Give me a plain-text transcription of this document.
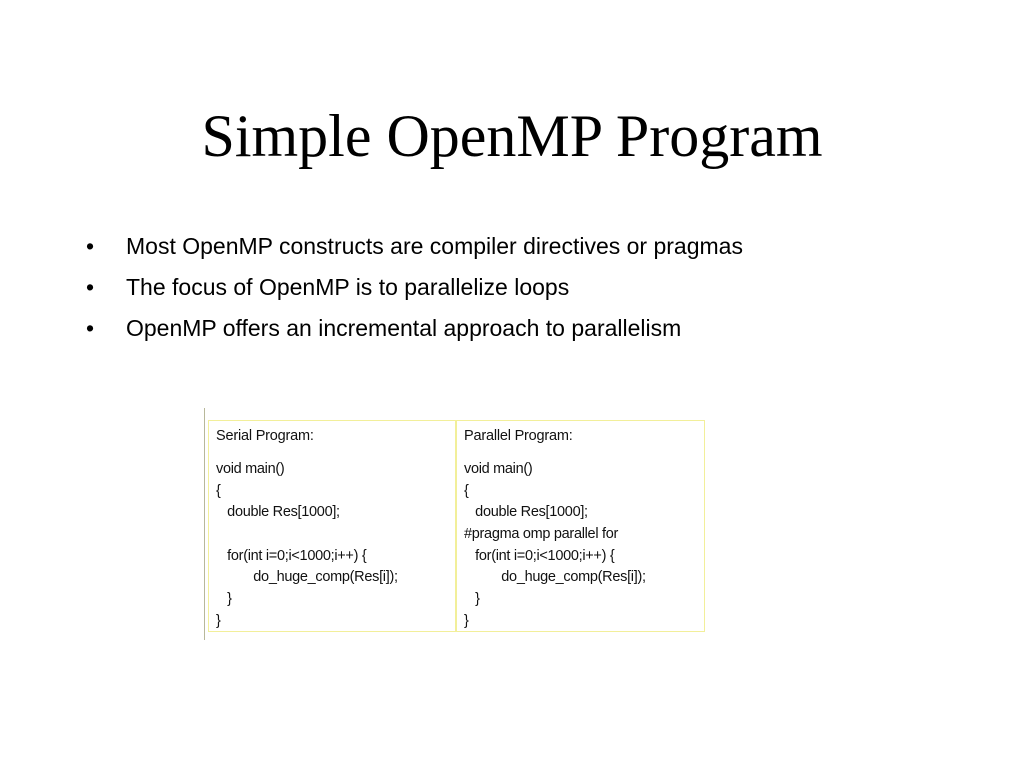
Simple OpenMP Program
• Most OpenMP constructs are compiler directives or pragmas
• The focus of OpenMP is to parallelize loops
• OpenMP offers an incremental approach to parallelism
Serial Program:
void main()
{
double Res[1000];
for(int i=0;i<1000;i++) {
do_huge_comp(Res[i]);
}
}
Parallel Program:
void main()
{
double Res[1000];
#pragma omp parallel for
for(int i=0;i<1000;i++) {
do_huge_comp(Res[i]);
}
}
